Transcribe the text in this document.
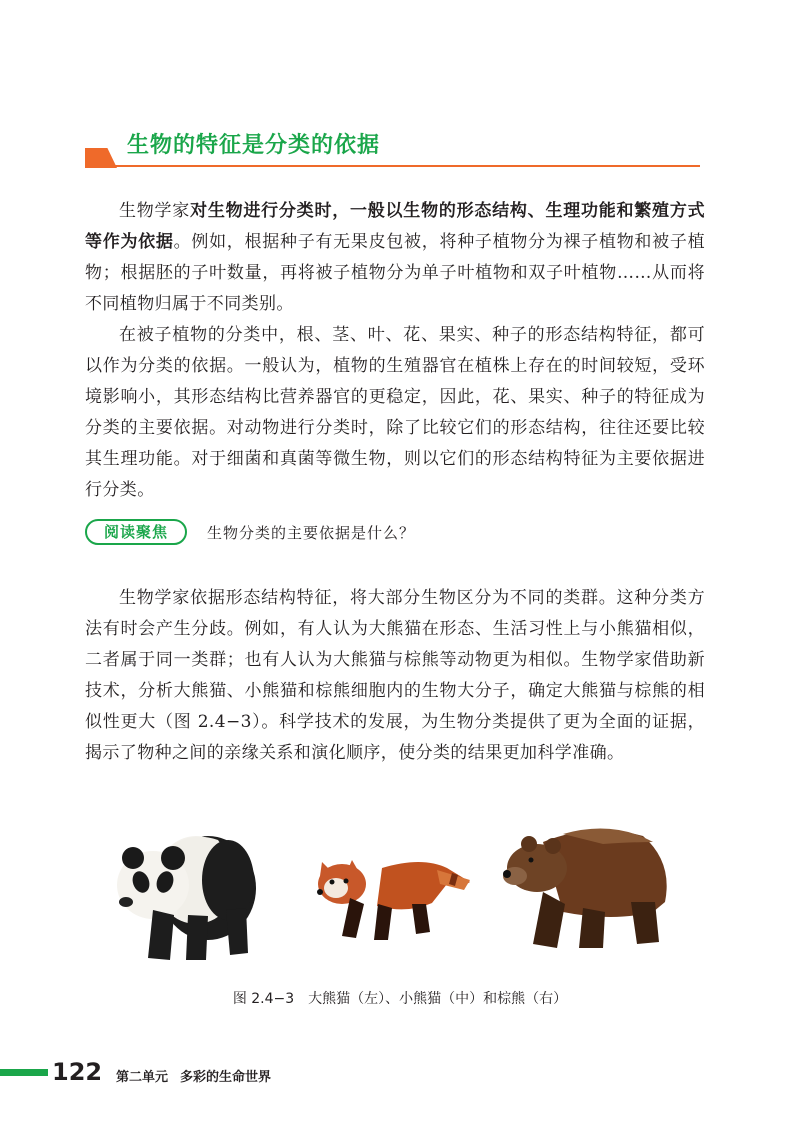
生物的特征是分类的依据

生物学家对生物进行分类时，一般以生物的形态结构、生理功能和繁殖方式等作为依据。例如，根据种子有无果皮包被，将种子植物分为裸子植物和被子植物；根据胚的子叶数量，再将被子植物分为单子叶植物和双子叶植物……从而将不同植物归属于不同类别。

在被子植物的分类中，根、茎、叶、花、果实、种子的形态结构特征，都可以作为分类的依据。一般认为，植物的生殖器官在植株上存在的时间较短，受环境影响小，其形态结构比营养器官的更稳定，因此，花、果实、种子的特征成为分类的主要依据。对动物进行分类时，除了比较它们的形态结构，往往还要比较其生理功能。对于细菌和真菌等微生物，则以它们的形态结构特征为主要依据进行分类。

阅读聚焦	生物分类的主要依据是什么？

生物学家依据形态结构特征，将大部分生物区分为不同的类群。这种分类方法有时会产生分歧。例如，有人认为大熊猫在形态、生活习性上与小熊猫相似，二者属于同一类群；也有人认为大熊猫与棕熊等动物更为相似。生物学家借助新技术，分析大熊猫、小熊猫和棕熊细胞内的生物大分子，确定大熊猫与棕熊的相似性更大（图 2.4−3）。科学技术的发展，为生物分类提供了更为全面的证据，揭示了物种之间的亲缘关系和演化顺序，使分类的结果更加科学准确。

图 2.4−3　大熊猫（左）、小熊猫（中）和棕熊（右）
122 第二单元 多彩的生命世界
